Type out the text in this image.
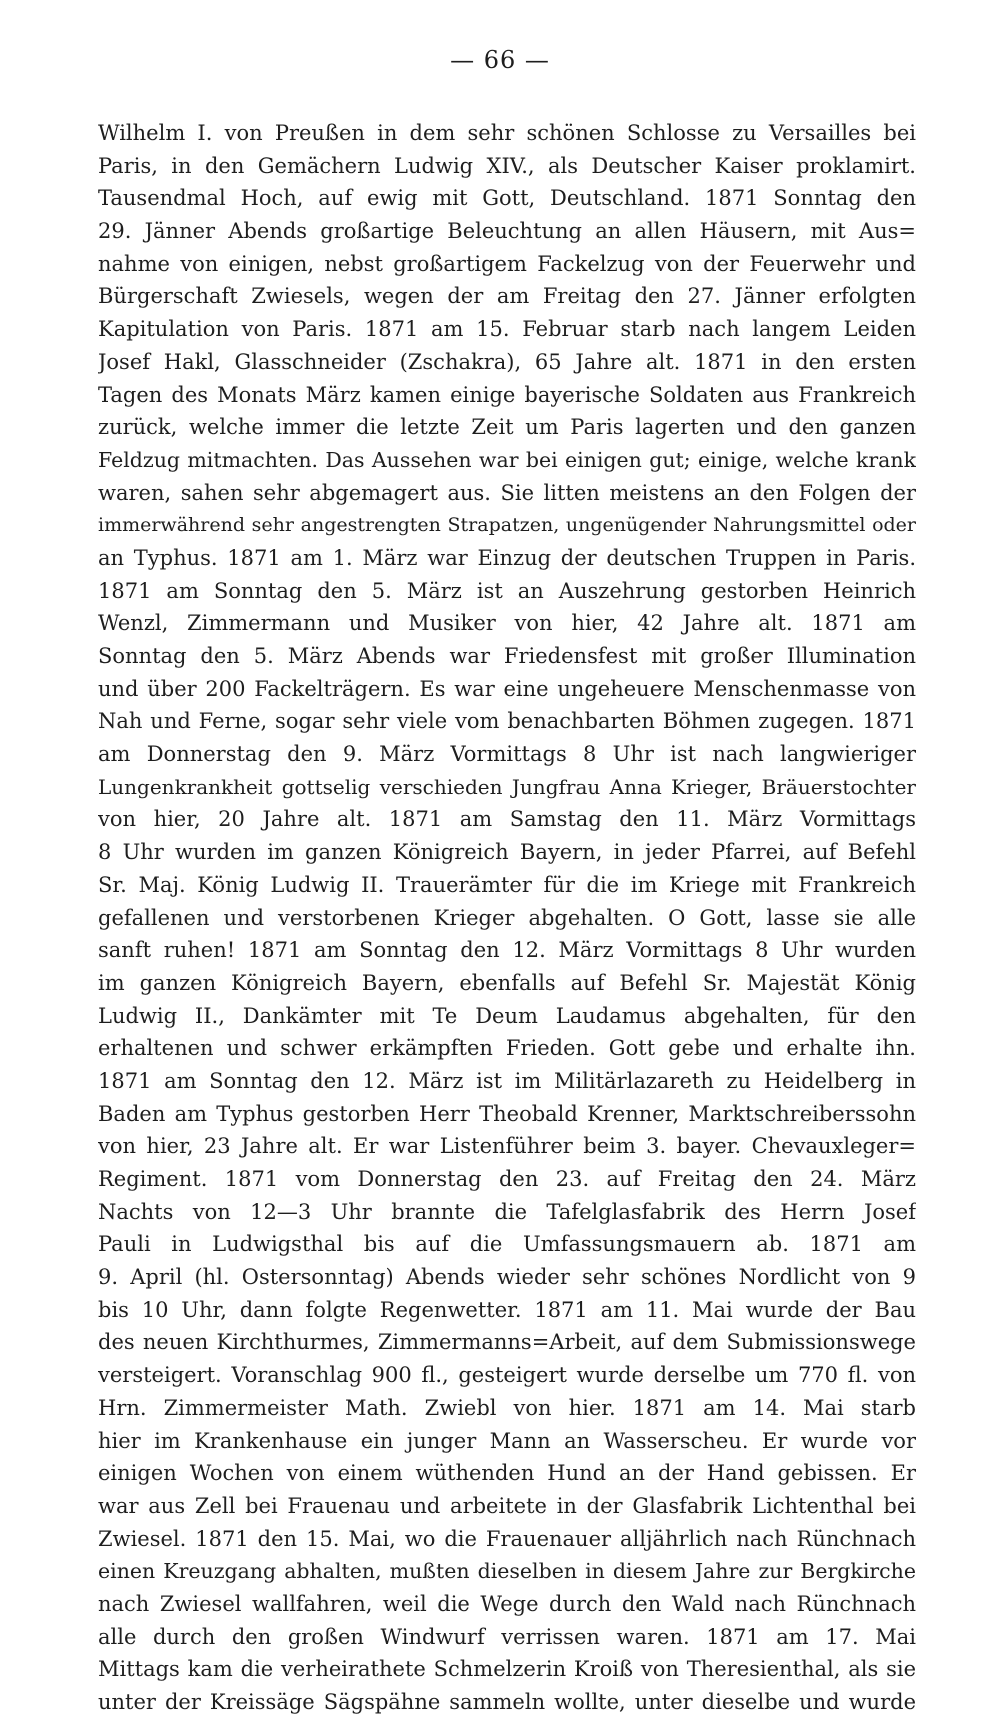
— 66 —
Wilhelm I. von Preußen in dem sehr schönen Schlosse zu Versailles bei
Paris, in den Gemächern Ludwig XIV., als Deutscher Kaiser proklamirt.
Tausendmal Hoch, auf ewig mit Gott, Deutschland. 1871 Sonntag den
29. Jänner Abends großartige Beleuchtung an allen Häusern, mit Aus=
nahme von einigen, nebst großartigem Fackelzug von der Feuerwehr und
Bürgerschaft Zwiesels, wegen der am Freitag den 27. Jänner erfolgten
Kapitulation von Paris. 1871 am 15. Februar starb nach langem Leiden
Josef Hakl, Glasschneider (Zschakra), 65 Jahre alt. 1871 in den ersten
Tagen des Monats März kamen einige bayerische Soldaten aus Frankreich
zurück, welche immer die letzte Zeit um Paris lagerten und den ganzen
Feldzug mitmachten. Das Aussehen war bei einigen gut; einige, welche krank
waren, sahen sehr abgemagert aus. Sie litten meistens an den Folgen der
immerwährend sehr angestrengten Strapatzen, ungenügender Nahrungsmittel oder
an Typhus. 1871 am 1. März war Einzug der deutschen Truppen in Paris.
1871 am Sonntag den 5. März ist an Auszehrung gestorben Heinrich
Wenzl, Zimmermann und Musiker von hier, 42 Jahre alt. 1871 am
Sonntag den 5. März Abends war Friedensfest mit großer Illumination
und über 200 Fackelträgern. Es war eine ungeheuere Menschenmasse von
Nah und Ferne, sogar sehr viele vom benachbarten Böhmen zugegen. 1871
am Donnerstag den 9. März Vormittags 8 Uhr ist nach langwieriger
Lungenkrankheit gottselig verschieden Jungfrau Anna Krieger, Bräuerstochter
von hier, 20 Jahre alt. 1871 am Samstag den 11. März Vormittags
8 Uhr wurden im ganzen Königreich Bayern, in jeder Pfarrei, auf Befehl
Sr. Maj. König Ludwig II. Trauerämter für die im Kriege mit Frankreich
gefallenen und verstorbenen Krieger abgehalten. O Gott, lasse sie alle
sanft ruhen! 1871 am Sonntag den 12. März Vormittags 8 Uhr wurden
im ganzen Königreich Bayern, ebenfalls auf Befehl Sr. Majestät König
Ludwig II., Dankämter mit Te Deum Laudamus abgehalten, für den
erhaltenen und schwer erkämpften Frieden. Gott gebe und erhalte ihn.
1871 am Sonntag den 12. März ist im Militärlazareth zu Heidelberg in
Baden am Typhus gestorben Herr Theobald Krenner, Marktschreiberssohn
von hier, 23 Jahre alt. Er war Listenführer beim 3. bayer. Chevauxleger=
Regiment. 1871 vom Donnerstag den 23. auf Freitag den 24. März
Nachts von 12—3 Uhr brannte die Tafelglasfabrik des Herrn Josef
Pauli in Ludwigsthal bis auf die Umfassungsmauern ab. 1871 am
9. April (hl. Ostersonntag) Abends wieder sehr schönes Nordlicht von 9
bis 10 Uhr, dann folgte Regenwetter. 1871 am 11. Mai wurde der Bau
des neuen Kirchthurmes, Zimmermanns=Arbeit, auf dem Submissionswege
versteigert. Voranschlag 900 fl., gesteigert wurde derselbe um 770 fl. von
Hrn. Zimmermeister Math. Zwiebl von hier. 1871 am 14. Mai starb
hier im Krankenhause ein junger Mann an Wasserscheu. Er wurde vor
einigen Wochen von einem wüthenden Hund an der Hand gebissen. Er
war aus Zell bei Frauenau und arbeitete in der Glasfabrik Lichtenthal bei
Zwiesel. 1871 den 15. Mai, wo die Frauenauer alljährlich nach Rünchnach
einen Kreuzgang abhalten, mußten dieselben in diesem Jahre zur Bergkirche
nach Zwiesel wallfahren, weil die Wege durch den Wald nach Rünchnach
alle durch den großen Windwurf verrissen waren. 1871 am 17. Mai
Mittags kam die verheirathete Schmelzerin Kroiß von Theresienthal, als sie
unter der Kreissäge Sägspähne sammeln wollte, unter dieselbe und wurde
